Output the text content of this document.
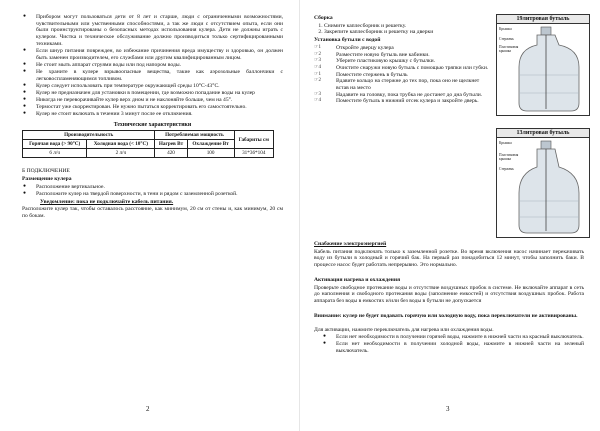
● Прибором могут пользоваться дети от 8 лет и старше, люди с ограниченными возможностями, чувствительными или умственными способностями, а так же люди с отсутствием опыта, если они были проинструктированы о безопасных методах использования кулера. Дети не должны играть с кулером. Чистка и техническое обслуживание должно производиться только сертифицированными техниками.
● Если шнур питания поврежден, во избежание причинения вреда имуществу и здоровью, он должен быть заменен производителем, его службами или другим квалифицированным лицом.
● Не стоит мыть аппарат струями воды или под напором воды.
● Не храните в кулере взрывоопасные вещества, такие как аэрозольные баллончики с легковоспламеняющимся топливом.
● Кулер следует использовать при температуре окружающей среды 10°С-43°С.
● Кулер не предназначен для установки в помещении, где возможно попадание воды на кулер
● Никогда не переворачивайте кулер верх дном и не наклоняйте больше, чем на 45°.
● Термостат уже скорректирован. Не нужно пытаться корректировать его самостоятельно.
● Кулер не стоит включать в течении 3 минут после ее отключения.
Технические характеристики
Производительность		Потребляемая мощность		Габариты см
Горячая вода (> 90°С)	Холодная вода (< 10°С)	Нагрев Вт	Охлаждение Вт	
6 л/ч	2 л/ч	420	100	31*36*104
Б ПОДКЛЮЧЕНИЕ
Размещение кулера
● Расположение вертикальное.
● Расположите кулер на твердой поверхности, в тени и рядом с заземленной розеткой.
Уведомление: пока не подключайте кабель питания.

Расположите кулер так, чтобы оставалось расстояние, как минимум, 20 см от стены и, как минимум, 20 см по бокам.

2
Сборка
1. Снимите каплесборник и решетку.
2. Закрепите каплесборник и решетку на дверки
Установка бутыли с водой
☞1	Откройте дверцу кулера
☞2	Разместите новую бутыль вне кабинки.
☞3	Уберите пластиковую крышку с бутылки.
☞4	Очистите снаружи новую бутыль с помощью тряпки или губки.
☞1	Поместите стержень в бутыль
☞2	Вдавите кольцо на стержне до тех пор, пока оно не щелкнет встав на место
☞3	Надавите на головку, пока трубка не достанет до дна бутыли.
☞4	Поместите бутыль в нижний отсек кулера и закройте дверь.
19литровая бутыль
Крышка
Стержень
Пластиковая крышка
13литровая бутыль
Крышка
Пластиковая крышка
Стержень
Снабжение электроэнергией

Кабель питания подключать только к заземленной розетке. Во время включения насос начинает перекачивать воду из бутыли в холодный и горячий бак. На первый раз понадобиться 12 минут, чтобы заполнить баки. В процессе насос будет работать непрерывно. Это нормально.

Активация нагрева и охлаждения

Проверьте свободное протекание воды и отсутствие воздушных пробок в системе. Не включайте аппарат в сеть до наполнения и свободного протекания воды (заполнение емкостей) и отсутствия воздушных пробок. Работа аппарата без воды в емкостях и/или без воды в бутыли не допускается

Внимание: кулер не будет подавать горячую или холодную воду, пока переключатели не активированы.

Для активации, нажмите переключатель для нагрева или охлаждения воды.

● Если нет необходимости в получении горячей воды, нажмите в нижней части на красный выключатель.
● Если нет необходимости в получении холодной воды, нажмите в нижней части на зеленый выключатель.
3
